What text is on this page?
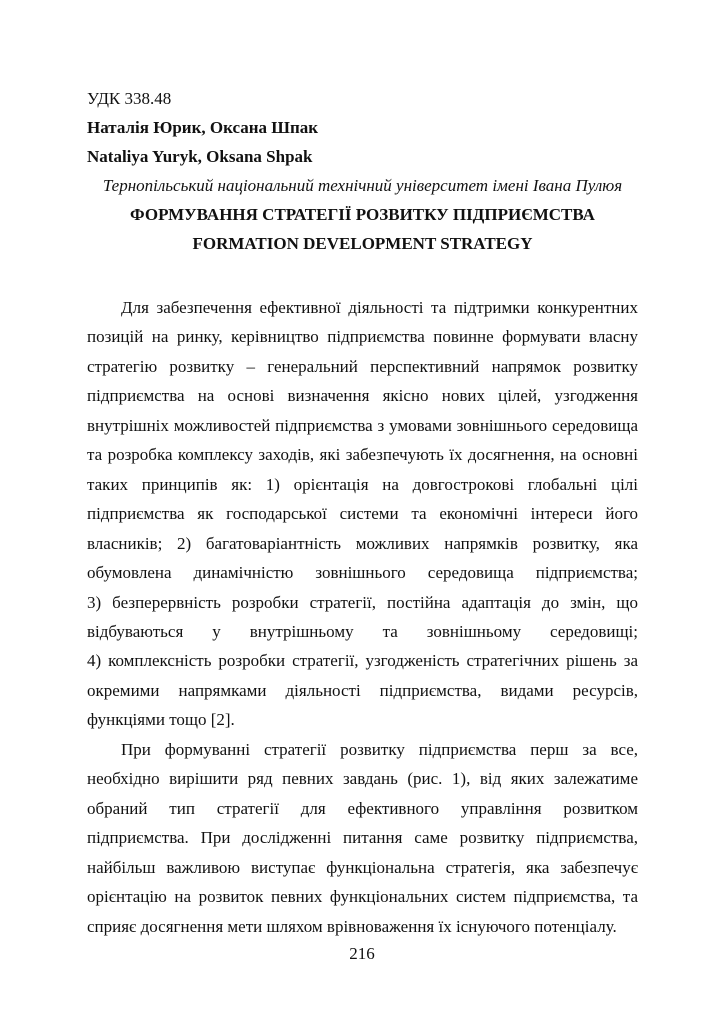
УДК 338.48
Наталія Юрик, Оксана Шпак
Nataliya Yuryk, Oksana Shpak
Тернопільський національний технічний університет імені Івана Пулюя
ФОРМУВАННЯ СТРАТЕГІЇ РОЗВИТКУ ПІДПРИЄМСТВА
FORMATION DEVELOPMENT STRATEGY

Для забезпечення ефективної діяльності та підтримки конкурентних
позицій на ринку, керівництво підприємства повинне формувати власну
стратегію розвитку – генеральний перспективний напрямок розвитку
підприємства на основі визначення якісно нових цілей, узгодження
внутрішніх можливостей підприємства з умовами зовнішнього середовища
та розробка комплексу заходів, які забезпечують їх досягнення, на основні
таких принципів як: 1) орієнтація на довгострокові глобальні цілі
підприємства як господарської системи та економічні інтереси його
власників; 2) багатоваріантність можливих напрямків розвитку, яка
обумовлена динамічністю зовнішнього середовища підприємства;
3) безперервність розробки стратегії, постійна адаптація до змін, що
відбуваються у внутрішньому та зовнішньому середовищі;
4) комплексність розробки стратегії, узгодженість стратегічних рішень за
окремими напрямками діяльності підприємства, видами ресурсів,
функціями тощо [2].

При формуванні стратегії розвитку підприємства перш за все,
необхідно вирішити ряд певних завдань (рис. 1), від яких залежатиме
обраний тип стратегії для ефективного управління розвитком
підприємства. При дослідженні питання саме розвитку підприємства,
найбільш важливою виступає функціональна стратегія, яка забезпечує
орієнтацію на розвиток певних функціональних систем підприємства, та
сприяє досягнення мети шляхом врівноваження їх існуючого потенціалу.

216
